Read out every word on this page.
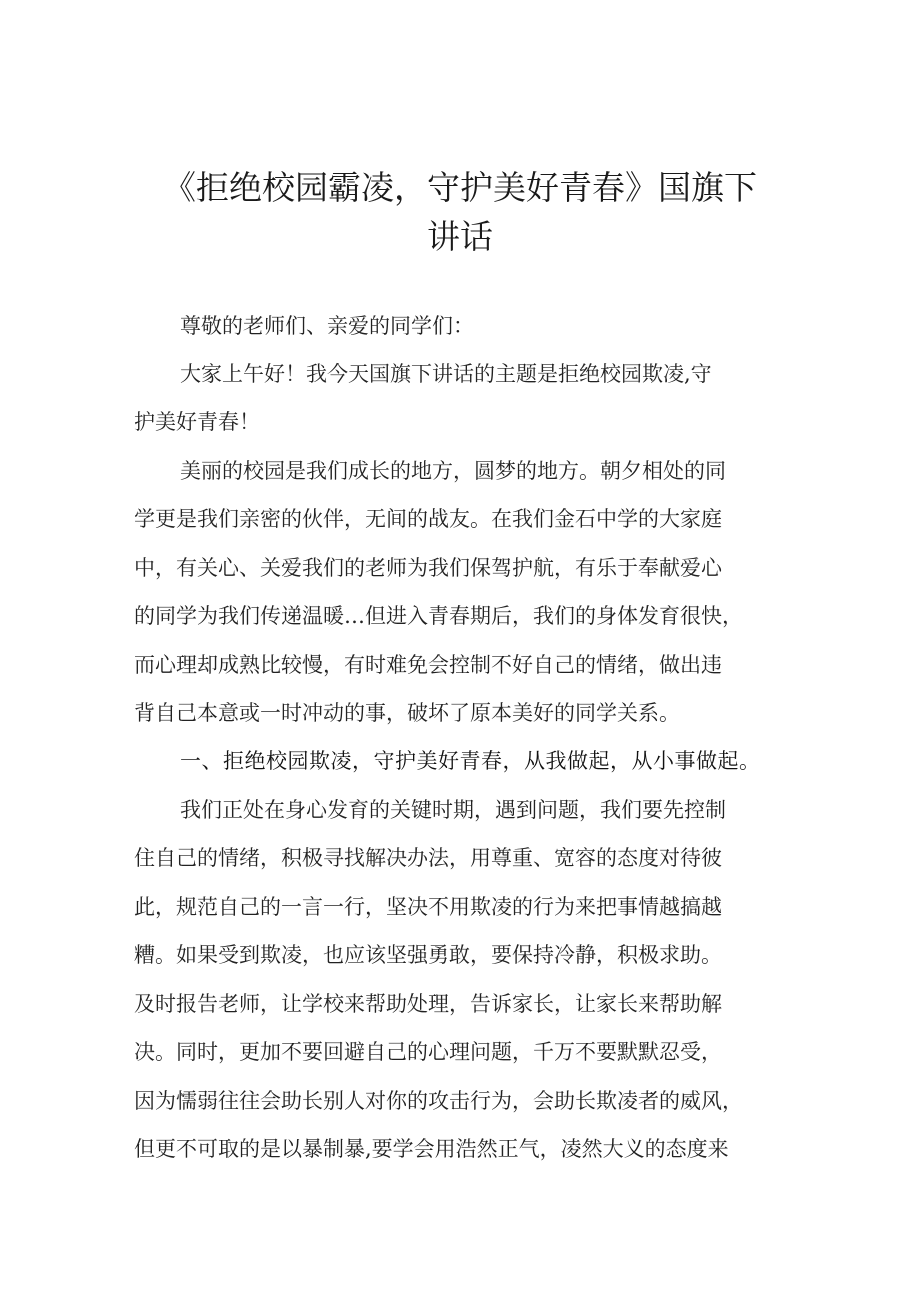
《拒绝校园霸凌，守护美好青春》国旗下
讲话
尊敬的老师们、亲爱的同学们：
大家上午好！我今天国旗下讲话的主题是拒绝校园欺凌,守
护美好青春！
美丽的校园是我们成长的地方，圆梦的地方。朝夕相处的同
学更是我们亲密的伙伴，无间的战友。在我们金石中学的大家庭
中，有关心、关爱我们的老师为我们保驾护航，有乐于奉献爱心
的同学为我们传递温暖…但进入青春期后，我们的身体发育很快，
而心理却成熟比较慢，有时难免会控制不好自己的情绪，做出违
背自己本意或一时冲动的事，破坏了原本美好的同学关系。
一、拒绝校园欺凌，守护美好青春，从我做起，从小事做起。
我们正处在身心发育的关键时期，遇到问题，我们要先控制
住自己的情绪，积极寻找解决办法，用尊重、宽容的态度对待彼
此，规范自己的一言一行，坚决不用欺凌的行为来把事情越搞越
糟。如果受到欺凌，也应该坚强勇敢，要保持冷静，积极求助。
及时报告老师，让学校来帮助处理，告诉家长，让家长来帮助解
决。同时，更加不要回避自己的心理问题，千万不要默默忍受，
因为懦弱往往会助长别人对你的攻击行为，会助长欺凌者的威风，
但更不可取的是以暴制暴,要学会用浩然正气，凌然大义的态度来
